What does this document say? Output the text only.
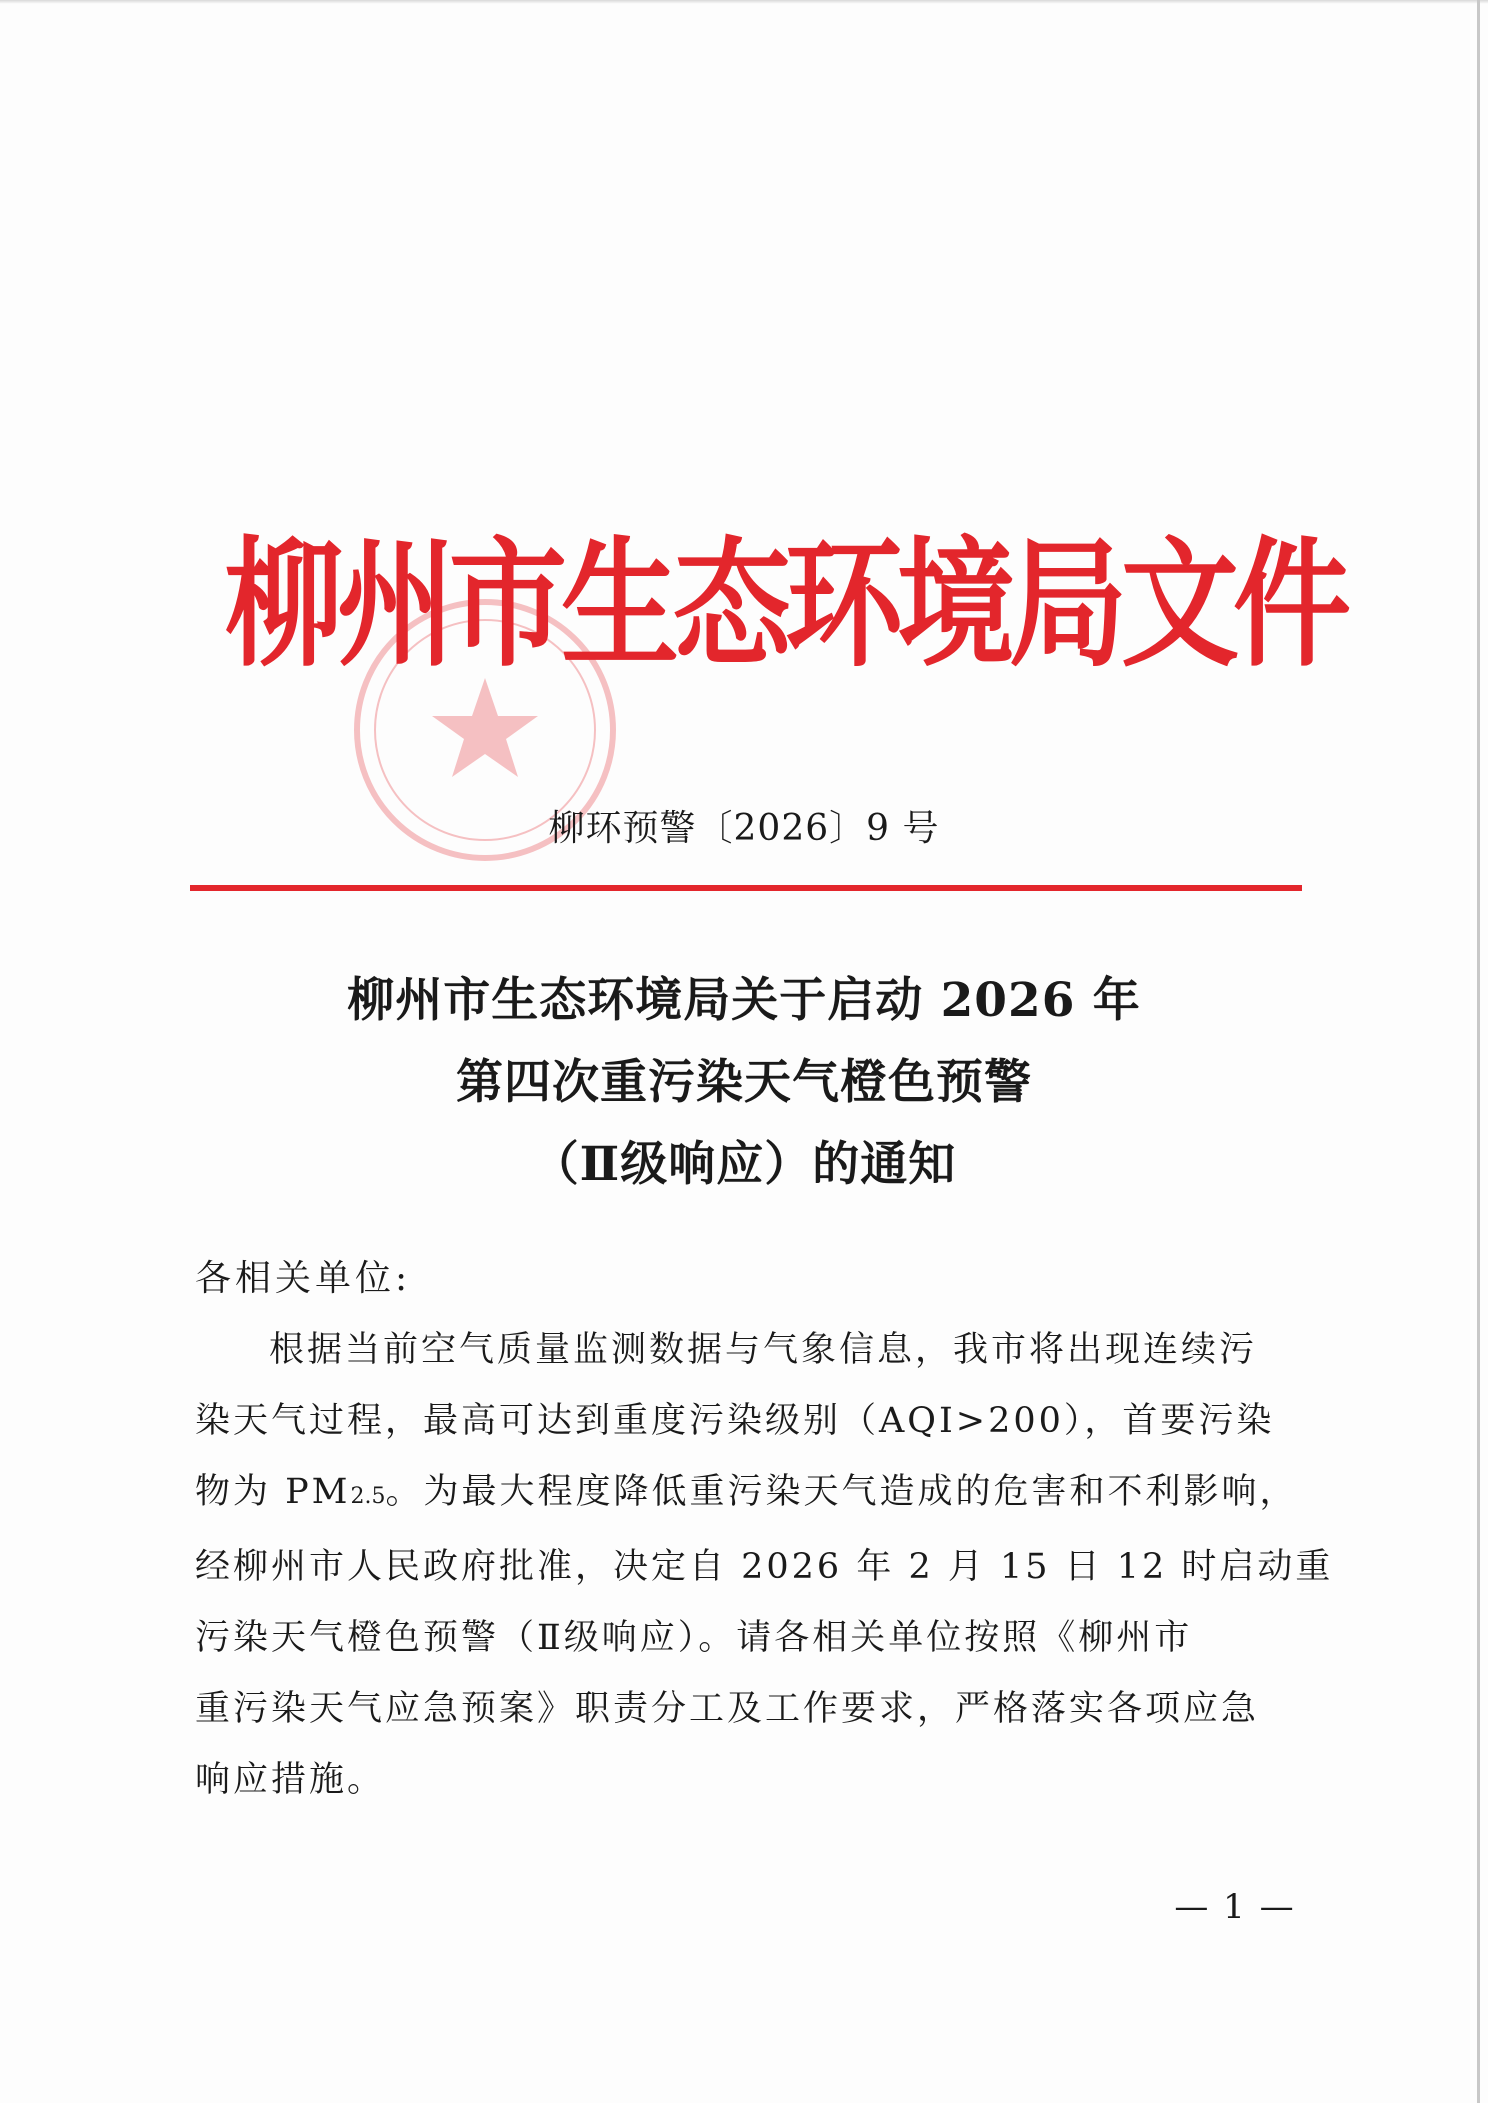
柳州市生态环境局文件
柳环预警〔2026〕9 号
柳州市生态环境局关于启动 2026 年
第四次重污染天气橙色预警
（Ⅱ级响应）的通知
各相关单位:
根据当前空气质量监测数据与气象信息，我市将出现连续污
染天气过程，最高可达到重度污染级别（AQI>200），首要污染
物为 PM2.5。为最大程度降低重污染天气造成的危害和不利影响，
经柳州市人民政府批准，决定自 2026 年 2 月 15 日 12 时启动重
污染天气橙色预警（Ⅱ级响应）。请各相关单位按照《柳州市
重污染天气应急预案》职责分工及工作要求，严格落实各项应急
响应措施。
— 1 —
